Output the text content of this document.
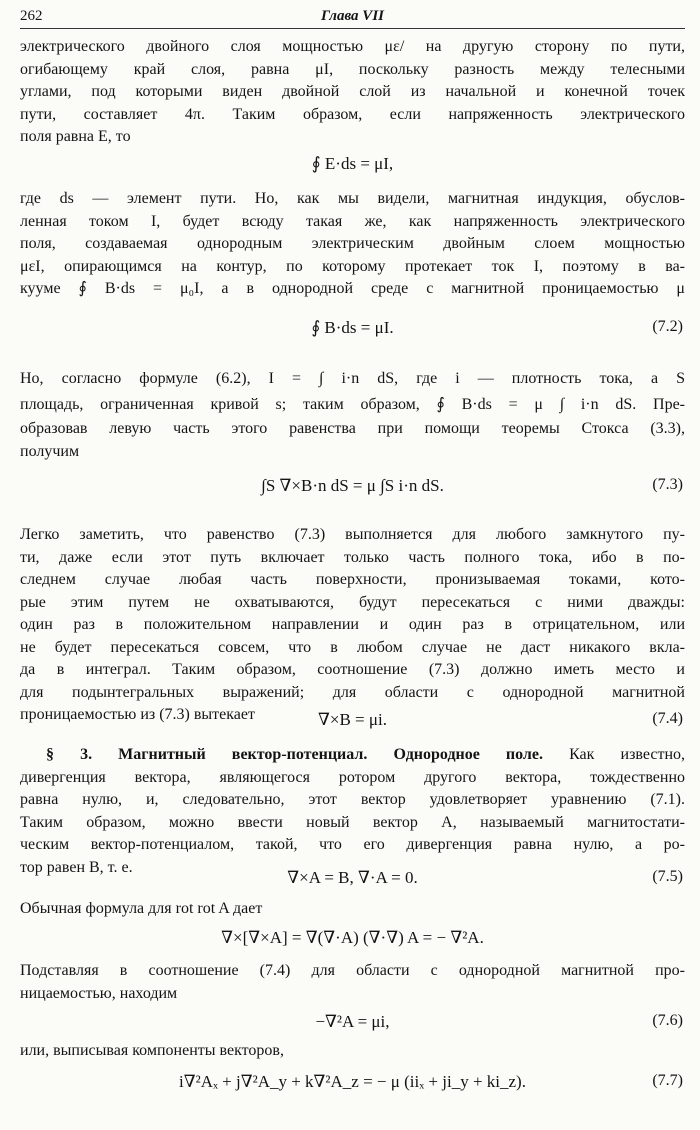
262	Глава VII
электрического двойного слоя мощностью με/ на другую сторону по пути,
огибающему край слоя, равна μI, поскольку разность между телесными
углами, под которыми виден двойной слой из начальной и конечной точек
пути, составляет 4π. Таким образом, если напряженность электрического
поля равна E, то
∮ E·ds = μI,
где ds — элемент пути. Но, как мы видели, магнитная индукция, обуслов-
ленная током I, будет всюду такая же, как напряженность электрического
поля, создаваемая однородным электрическим двойным слоем мощностью
μεI, опирающимся на контур, по которому протекает ток I, поэтому в ва-
кууме ∮ B·ds = μ₀I, а в однородной среде с магнитной проницаемостью μ
∮ B·ds = μI.	(7.2)
Но, согласно формуле (6.2), I = ∫ i·n dS, где i — плотность тока, а S
площадь, ограниченная кривой s; таким образом, ∮ B·ds = μ ∫ i·n dS. Пре-
образовав левую часть этого равенства при помощи теоремы Стокса (3.3),
получим
∫S ∇×B·n dS = μ ∫S i·n dS.	(7.3)
Легко заметить, что равенство (7.3) выполняется для любого замкнутого пу-
ти, даже если этот путь включает только часть полного тока, ибо в по-
следнем случае любая часть поверхности, пронизываемая токами, кото-
рые этим путем не охватываются, будут пересекаться с ними дважды:
один раз в положительном направлении и один раз в отрицательном, или
не будет пересекаться совсем, что в любом случае не даст никакого вкла-
да в интеграл. Таким образом, соотношение (7.3) должно иметь место и
для подынтегральных выражений; для области с однородной магнитной
проницаемостью из (7.3) вытекает	∇×B = μi.	(7.4)
§ 3. Магнитный вектор-потенциал. Однородное поле. Как известно,
дивергенция вектора, являющегося ротором другого вектора, тождественно
равна нулю, и, следовательно, этот вектор удовлетворяет уравнению (7.1).
Таким образом, можно ввести новый вектор A, называемый магнитостати-
ческим вектор-потенциалом, такой, что его дивергенция равна нулю, а ро-
тор равен B, т. е.
∇×A = B, ∇·A = 0.	(7.5)
Обычная формула для rot rot A дает
∇×[∇×A] = ∇(∇·A) (∇·∇) A = − ∇²A.
Подставляя в соотношение (7.4) для области с однородной магнитной про-
ницаемостью, находим
−∇²A = μi,	(7.6)
или, выписывая компоненты векторов,
i∇²Aₓ + j∇²A_y + k∇²A_z = − μ (iiₓ + ji_y + ki_z).	(7.7)
